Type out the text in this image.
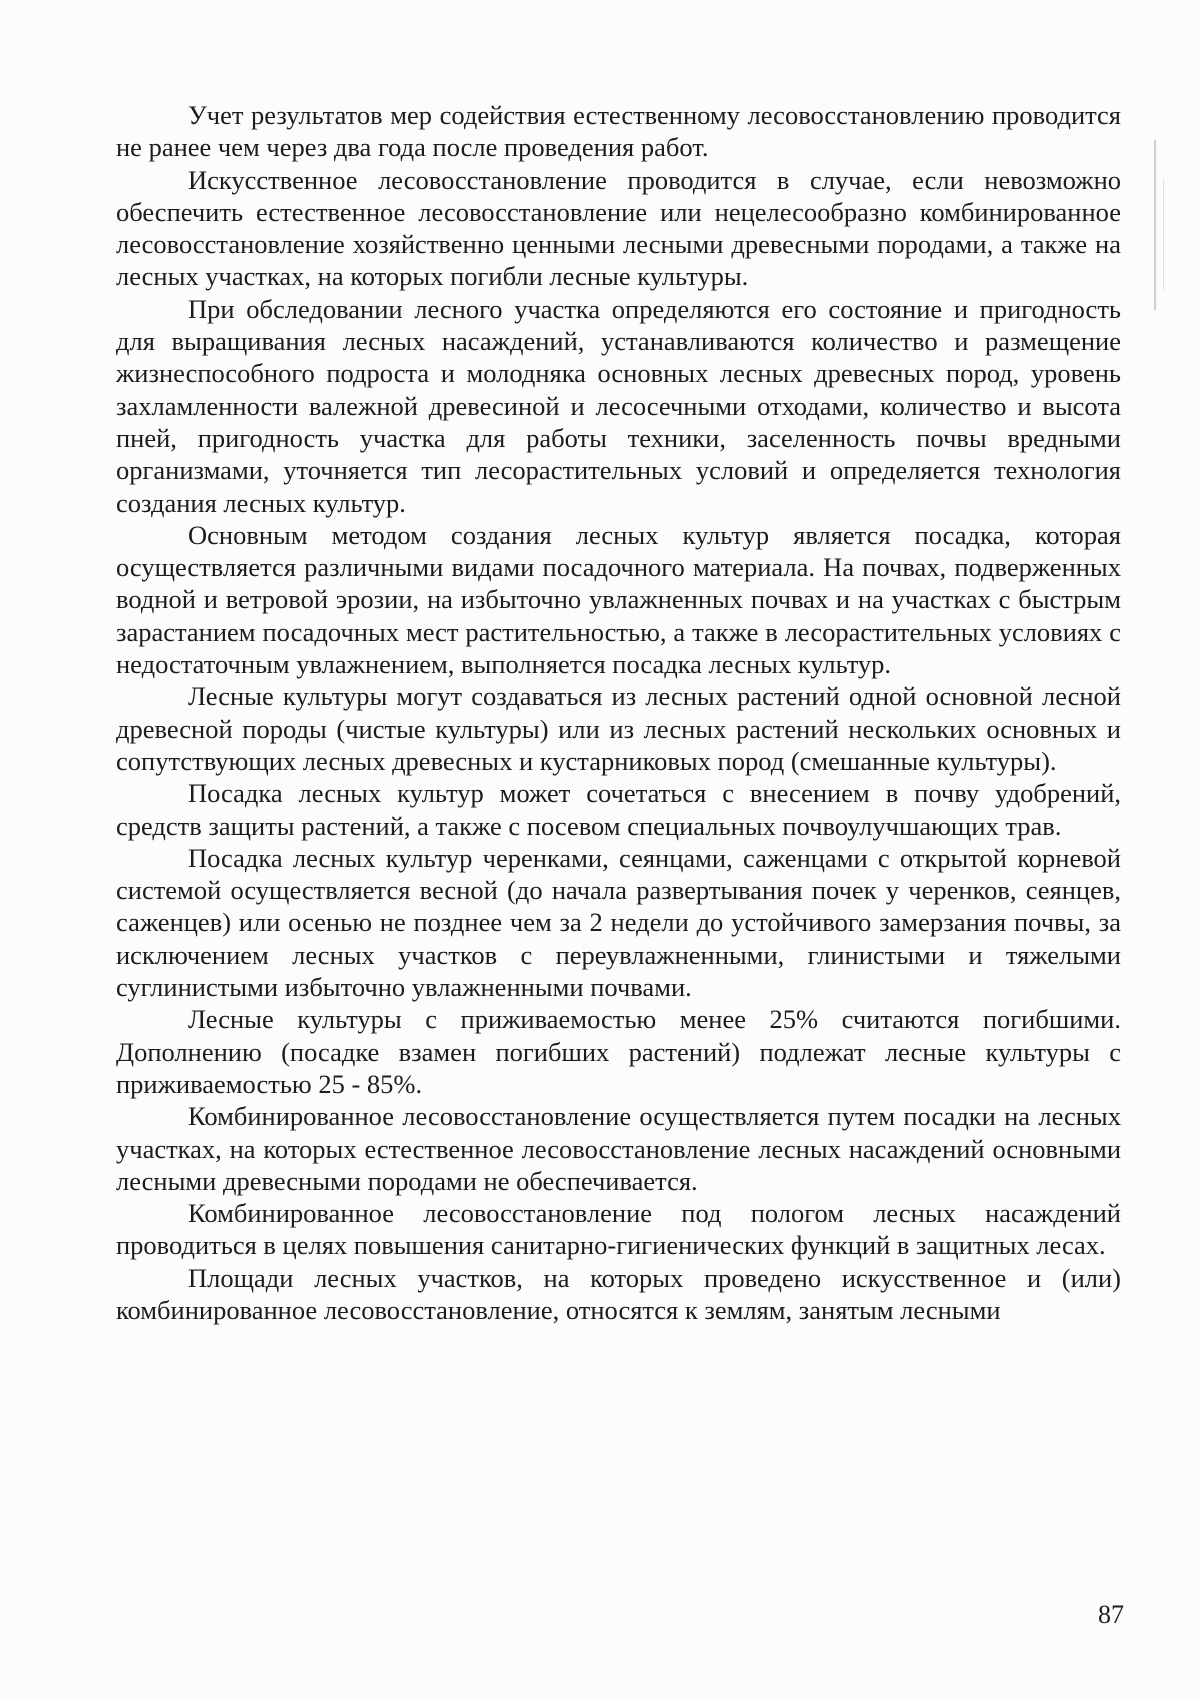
Учет результатов мер содействия естественному лесовосстановлению проводится не ранее чем через два года после проведения работ.

Искусственное лесовосстановление проводится в случае, если невозможно обеспечить естественное лесовосстановление или нецелесообразно комбинированное лесовосстановление хозяйственно ценными лесными древесными породами, а также на лесных участках, на которых погибли лесные культуры.

При обследовании лесного участка определяются его состояние и пригодность для выращивания лесных насаждений, устанавливаются количество и размещение жизнеспособного подроста и молодняка основных лесных древесных пород, уровень захламленности валежной древесиной и лесосечными отходами, количество и высота пней, пригодность участка для работы техники, заселенность почвы вредными организмами, уточняется тип лесорастительных условий и определяется технология создания лесных культур.

Основным методом создания лесных культур является посадка, которая осуществляется различными видами посадочного материала. На почвах, подверженных водной и ветровой эрозии, на избыточно увлажненных почвах и на участках с быстрым зарастанием посадочных мест растительностью, а также в лесорастительных условиях с недостаточным увлажнением, выполняется посадка лесных культур.

Лесные культуры могут создаваться из лесных растений одной основной лесной древесной породы (чистые культуры) или из лесных растений нескольких основных и сопутствующих лесных древесных и кустарниковых пород (смешанные культуры).

Посадка лесных культур может сочетаться с внесением в почву удобрений, средств защиты растений, а также с посевом специальных почвоулучшающих трав.

Посадка лесных культур черенками, сеянцами, саженцами с открытой корневой системой осуществляется весной (до начала развертывания почек у черенков, сеянцев, саженцев) или осенью не позднее чем за 2 недели до устойчивого замерзания почвы, за исключением лесных участков с переувлажненными, глинистыми и тяжелыми суглинистыми избыточно увлажненными почвами.

Лесные культуры с приживаемостью менее 25% считаются погибшими. Дополнению (посадке взамен погибших растений) подлежат лесные культуры с приживаемостью 25 - 85%.

Комбинированное лесовосстановление осуществляется путем посадки на лесных участках, на которых естественное лесовосстановление лесных насаждений основными лесными древесными породами не обеспечивается.

Комбинированное лесовосстановление под пологом лесных насаждений проводиться в целях повышения санитарно-гигиенических функций в защитных лесах.

Площади лесных участков, на которых проведено искусственное и (или) комбинированное лесовосстановление, относятся к землям, занятым лесными

87
